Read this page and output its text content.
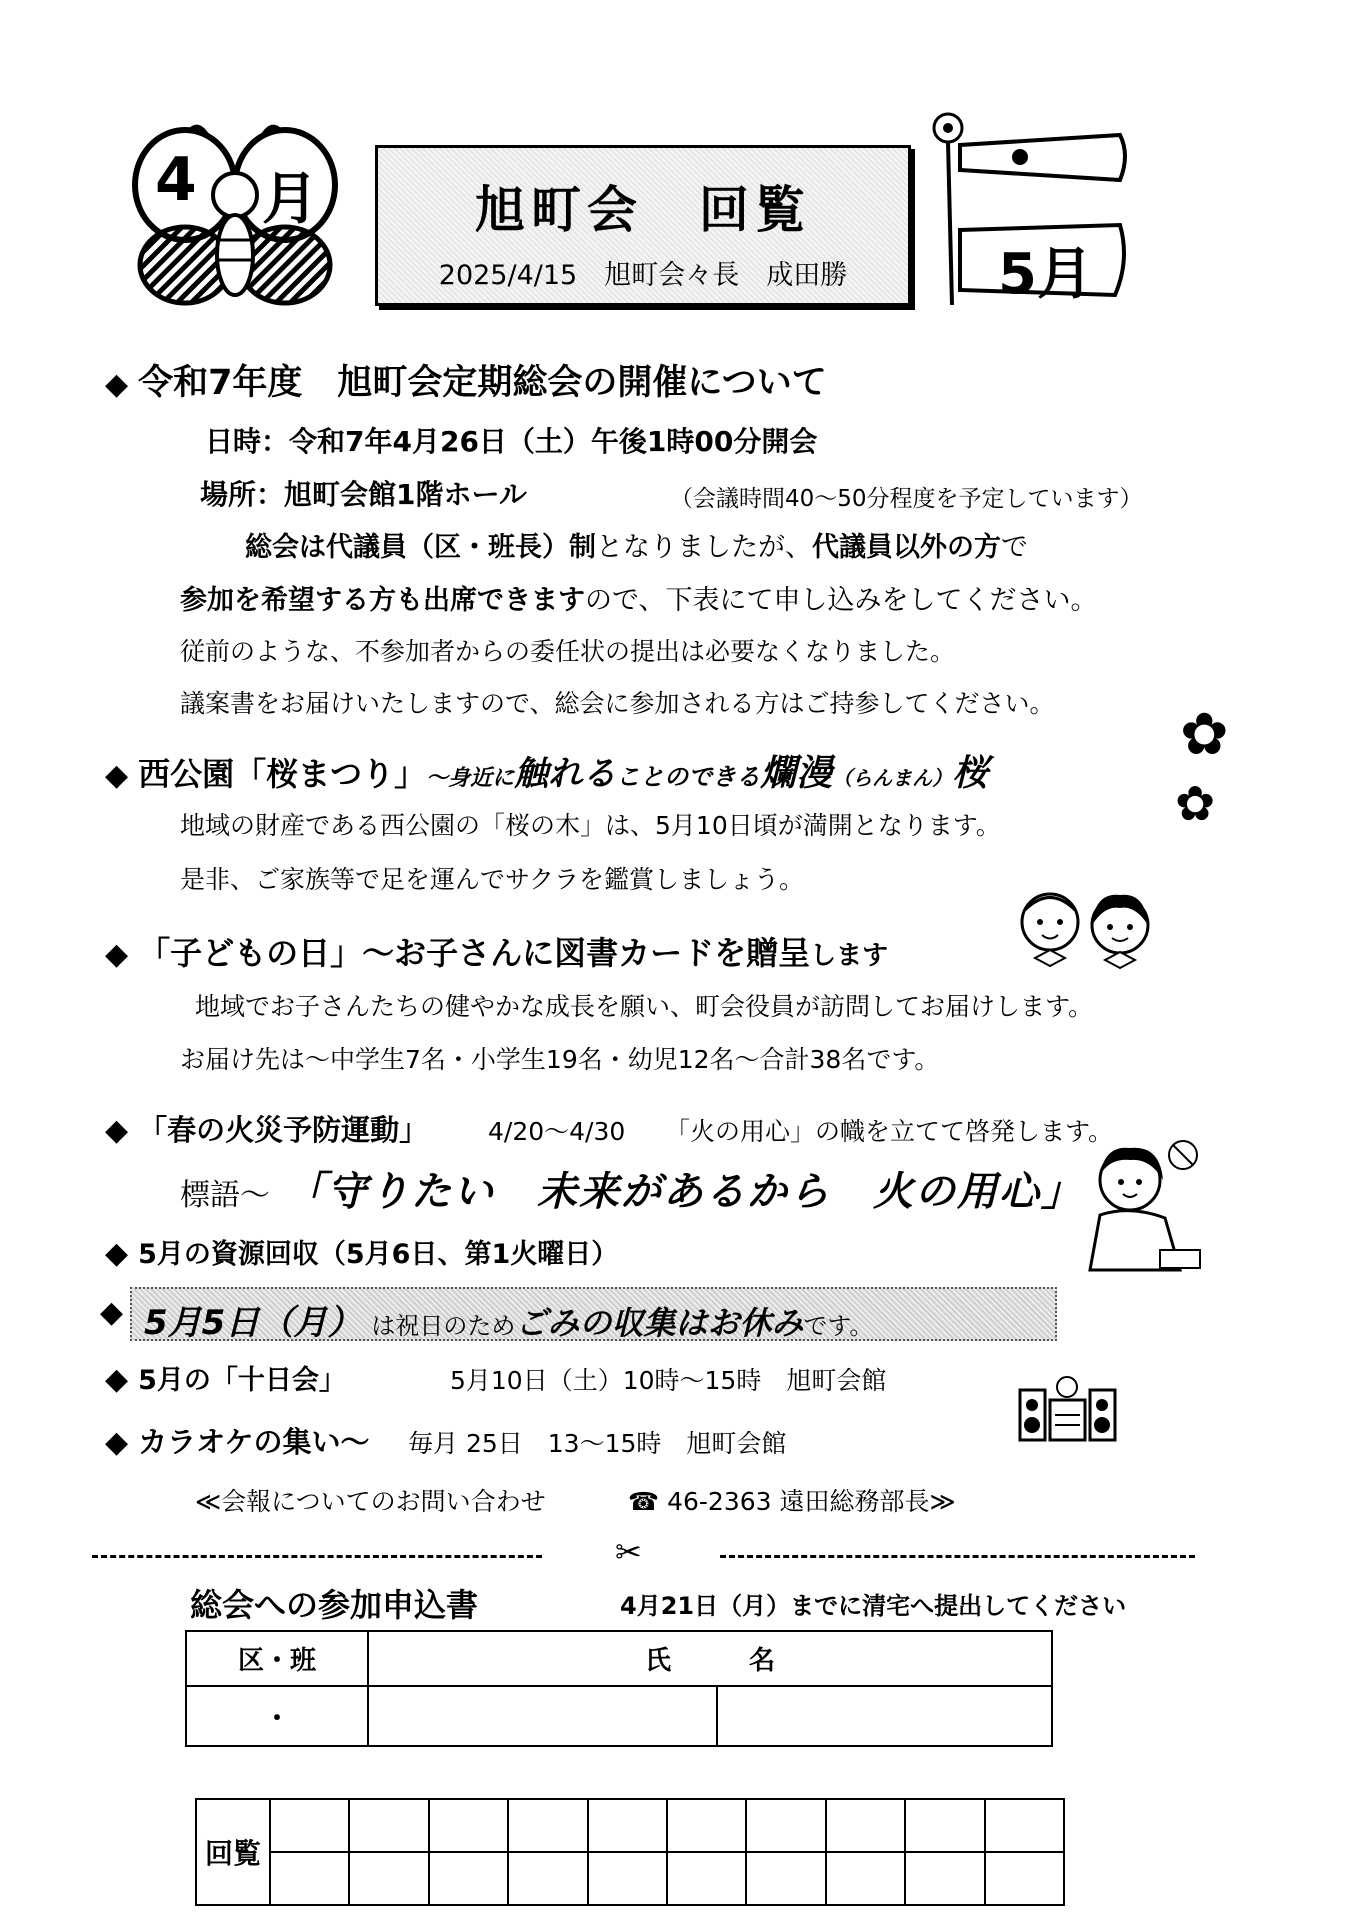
4 月	旭町会　回覧
2025/4/15　旭町会々長　成田勝	5月
◆ 令和7年度　旭町会定期総会の開催について
日時：令和7年4月26日（土）午後1時00分開会
場所：旭町会館1階ホール	（会議時間40～50分程度を予定しています）
総会は代議員（区・班長）制となりましたが、代議員以外の方で
参加を希望する方も出席できますので、下表にて申し込みをしてください。
従前のような、不参加者からの委任状の提出は必要なくなりました。
議案書をお届けいたしますので、総会に参加される方はご持参してください。
◆ 西公園「桜まつり」～身近に触れることのできる爛漫（らんまん）桜
✿
✿
地域の財産である西公園の「桜の木」は、5月10日頃が満開となります。
是非、ご家族等で足を運んでサクラを鑑賞しましょう。
◆ 「子どもの日」～お子さんに図書カードを贈呈します
地域でお子さんたちの健やかな成長を願い、町会役員が訪問してお届けします。
お届け先は～中学生7名・小学生19名・幼児12名～合計38名です。
◆ 「春の火災予防運動」 4/20～4/30 「火の用心」の幟を立てて啓発します。
標語～ 「守りたい　未来があるから　火の用心」
◆ 5月の資源回収（5月6日、第1火曜日）
◆ 5月5日（月） は祝日のためごみの収集はお休みです。
◆ 5月の「十日会」	5月10日（土）10時～15時　旭町会館
◆ カラオケの集い～ 毎月 25日　13～15時　旭町会館
≪会報についてのお問い合わせ	☎ 46-2363 遠田総務部長≫
✂
総会への参加申込書	4月21日（月）までに清宅へ提出してください
区・班	氏　　　名	
・		
回覧										
